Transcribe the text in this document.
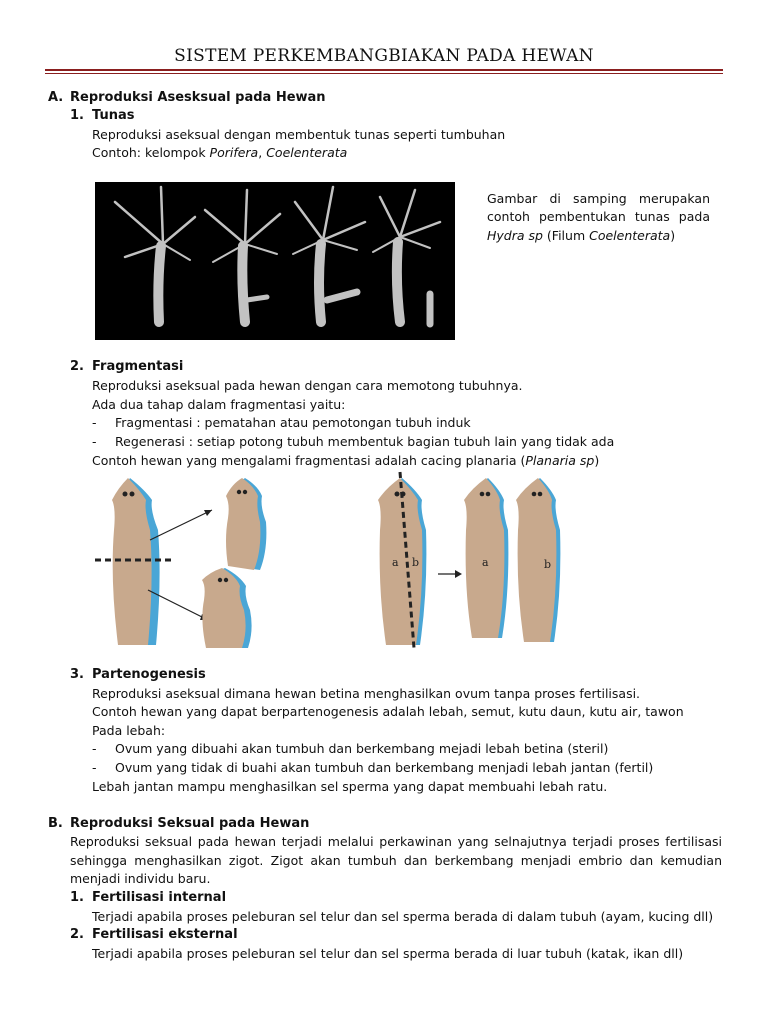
SISTEM PERKEMBANGBIAKAN PADA HEWAN
A. Reproduksi Asesksual pada Hewan
1. Tunas
Reproduksi aseksual dengan membentuk tunas seperti tumbuhan
Contoh: kelompok Porifera, Coelenterata
Gambar di samping merupakan
contoh pembentukan tunas pada
Hydra sp (Filum Coelenterata)
2. Fragmentasi
Reproduksi aseksual pada hewan dengan cara memotong tubuhnya.
Ada dua tahap dalam fragmentasi yaitu:
- Fragmentasi : pematahan atau pemotongan tubuh induk
- Regenerasi : setiap potong tubuh membentuk bagian tubuh lain yang tidak ada
Contoh hewan yang mengalami fragmentasi adalah cacing planaria (Planaria sp)
a b	a	b
3. Partenogenesis
Reproduksi aseksual dimana hewan betina menghasilkan ovum tanpa proses fertilisasi.
Contoh hewan yang dapat berpartenogenesis adalah lebah, semut, kutu daun, kutu air, tawon
Pada lebah:
- Ovum yang dibuahi akan tumbuh dan berkembang mejadi lebah betina (steril)
- Ovum yang tidak di buahi akan tumbuh dan berkembang menjadi lebah jantan (fertil)
Lebah jantan mampu menghasilkan sel sperma yang dapat membuahi lebah ratu.
B. Reproduksi Seksual pada Hewan
Reproduksi seksual pada hewan terjadi melalui perkawinan yang selnajutnya terjadi proses fertilisasi
sehingga menghasilkan zigot. Zigot akan tumbuh dan berkembang menjadi embrio dan kemudian
menjadi individu baru.
1. Fertilisasi internal
Terjadi apabila proses peleburan sel telur dan sel sperma berada di dalam tubuh (ayam, kucing dll)
2. Fertilisasi eksternal
Terjadi apabila proses peleburan sel telur dan sel sperma berada di luar tubuh (katak, ikan dll)
